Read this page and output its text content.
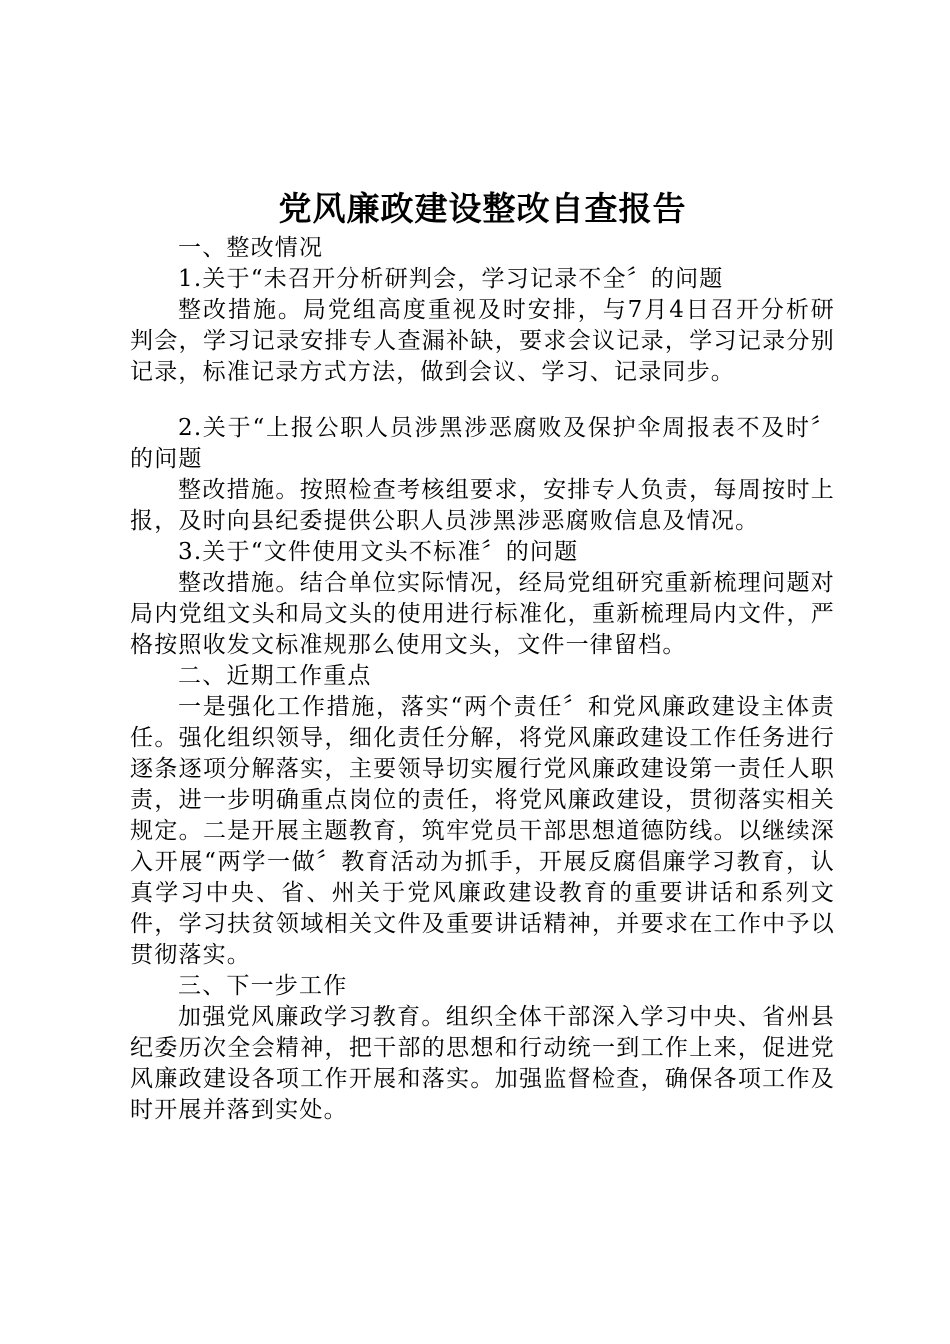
党风廉政建设整改自查报告

一、整改情况

1.关于“未召开分析研判会，学习记录不全〞的问题

整改措施。局党组高度重视及时安排，与7月4日召开分析研判会，学习记录安排专人查漏补缺，要求会议记录，学习记录分别记录，标准记录方式方法，做到会议、学习、记录同步。

2.关于“上报公职人员涉黑涉恶腐败及保护伞周报表不及时〞的问题

整改措施。按照检查考核组要求，安排专人负责，每周按时上报，及时向县纪委提供公职人员涉黑涉恶腐败信息及情况。

3.关于“文件使用文头不标准〞的问题

整改措施。结合单位实际情况，经局党组研究重新梳理问题对局内党组文头和局文头的使用进行标准化，重新梳理局内文件，严格按照收发文标准规那么使用文头，文件一律留档。

二、近期工作重点

一是强化工作措施，落实“两个责任〞和党风廉政建设主体责任。强化组织领导，细化责任分解，将党风廉政建设工作任务进行逐条逐项分解落实，主要领导切实履行党风廉政建设第一责任人职责，进一步明确重点岗位的责任，将党风廉政建设，贯彻落实相关规定。二是开展主题教育，筑牢党员干部思想道德防线。以继续深入开展“两学一做〞教育活动为抓手，开展反腐倡廉学习教育，认真学习中央、省、州关于党风廉政建设教育的重要讲话和系列文件，学习扶贫领域相关文件及重要讲话精神，并要求在工作中予以贯彻落实。

三、下一步工作

加强党风廉政学习教育。组织全体干部深入学习中央、省州县纪委历次全会精神，把干部的思想和行动统一到工作上来，促进党风廉政建设各项工作开展和落实。加强监督检查，确保各项工作及时开展并落到实处。
